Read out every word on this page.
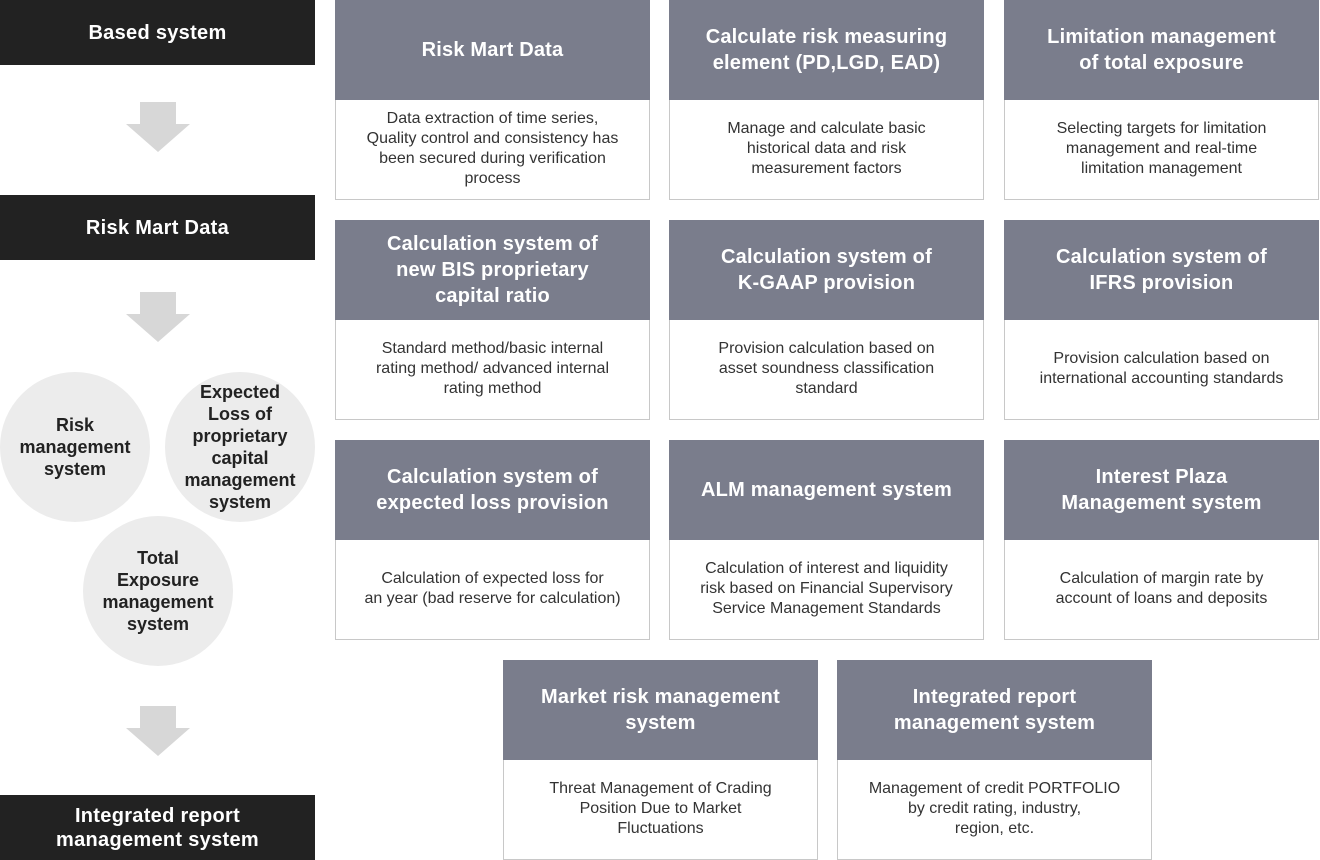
Based system
Risk Mart Data
Risk
management
system
Expected
Loss of
proprietary
capital
management
system
Total
Exposure
management
system
Integrated report
management system
Risk Mart Data
Data extraction of time series,
Quality control and consistency has
been secured during verification
process
Calculate risk measuring
element (PD,LGD, EAD)
Manage and calculate basic
historical data and risk
measurement factors
Limitation management
of total exposure
Selecting targets for limitation
management and real-time
limitation management
Calculation system of
new BIS proprietary
capital ratio
Standard method/basic internal
rating method/ advanced internal
rating method
Calculation system of
K-GAAP provision
Provision calculation based on
asset soundness classification
standard
Calculation system of
IFRS provision
Provision calculation based on
international accounting standards
Calculation system of
expected loss provision
Calculation of expected loss for
an year (bad reserve for calculation)
ALM management system
Calculation of interest and liquidity
risk based on Financial Supervisory
Service Management Standards
Interest Plaza
Management system
Calculation of margin rate by
account of loans and deposits
Market risk management
system
Threat Management of Crading
Position Due to Market
Fluctuations
Integrated report
management system
Management of credit PORTFOLIO
by credit rating, industry,
region, etc.
